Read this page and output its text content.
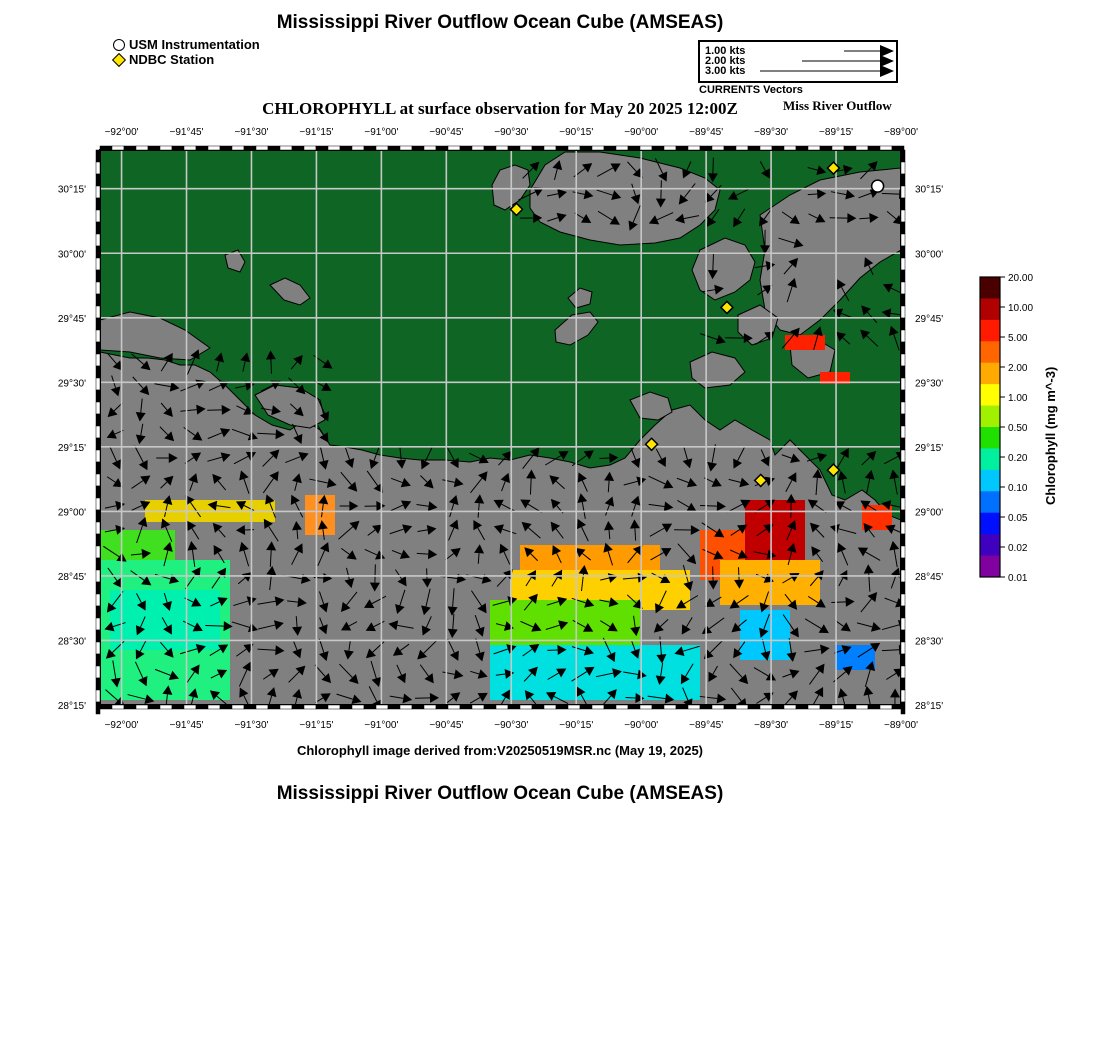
Mississippi River Outflow Ocean Cube (AMSEAS)
USM Instrumentation
NDBC Station
1.00 kts
2.00 kts
3.00 kts
CURRENTS Vectors
CHLOROPHYLL at surface observation for May 20 2025 12:00Z	Miss River Outflow
−92°00'	−91°45'	−91°30'	−91°15'	−91°00'	−90°45'	−90°30'	−90°15'	−90°00'	−89°45'	−89°30'	−89°15'	−89°00'
−92°00'	−91°45'	−91°30'	−91°15'	−91°00'	−90°45'	−90°30'	−90°15'	−90°00'	−89°45'	−89°30'	−89°15'	−89°00'
30°15'
30°00'
29°45'
29°30'
29°15'
29°00'
28°45'
28°30'
28°15'
30°15'
30°00'
29°45'
29°30'
29°15'
29°00'
28°45'
28°30'
28°15'
20.00
10.00
5.00
2.00
1.00
0.50
0.20
0.10
0.05
0.02
0.01
Chlorophyll (mg m^-3)
Chlorophyll image derived from:V20250519MSR.nc (May 19, 2025)
Mississippi River Outflow Ocean Cube (AMSEAS)
